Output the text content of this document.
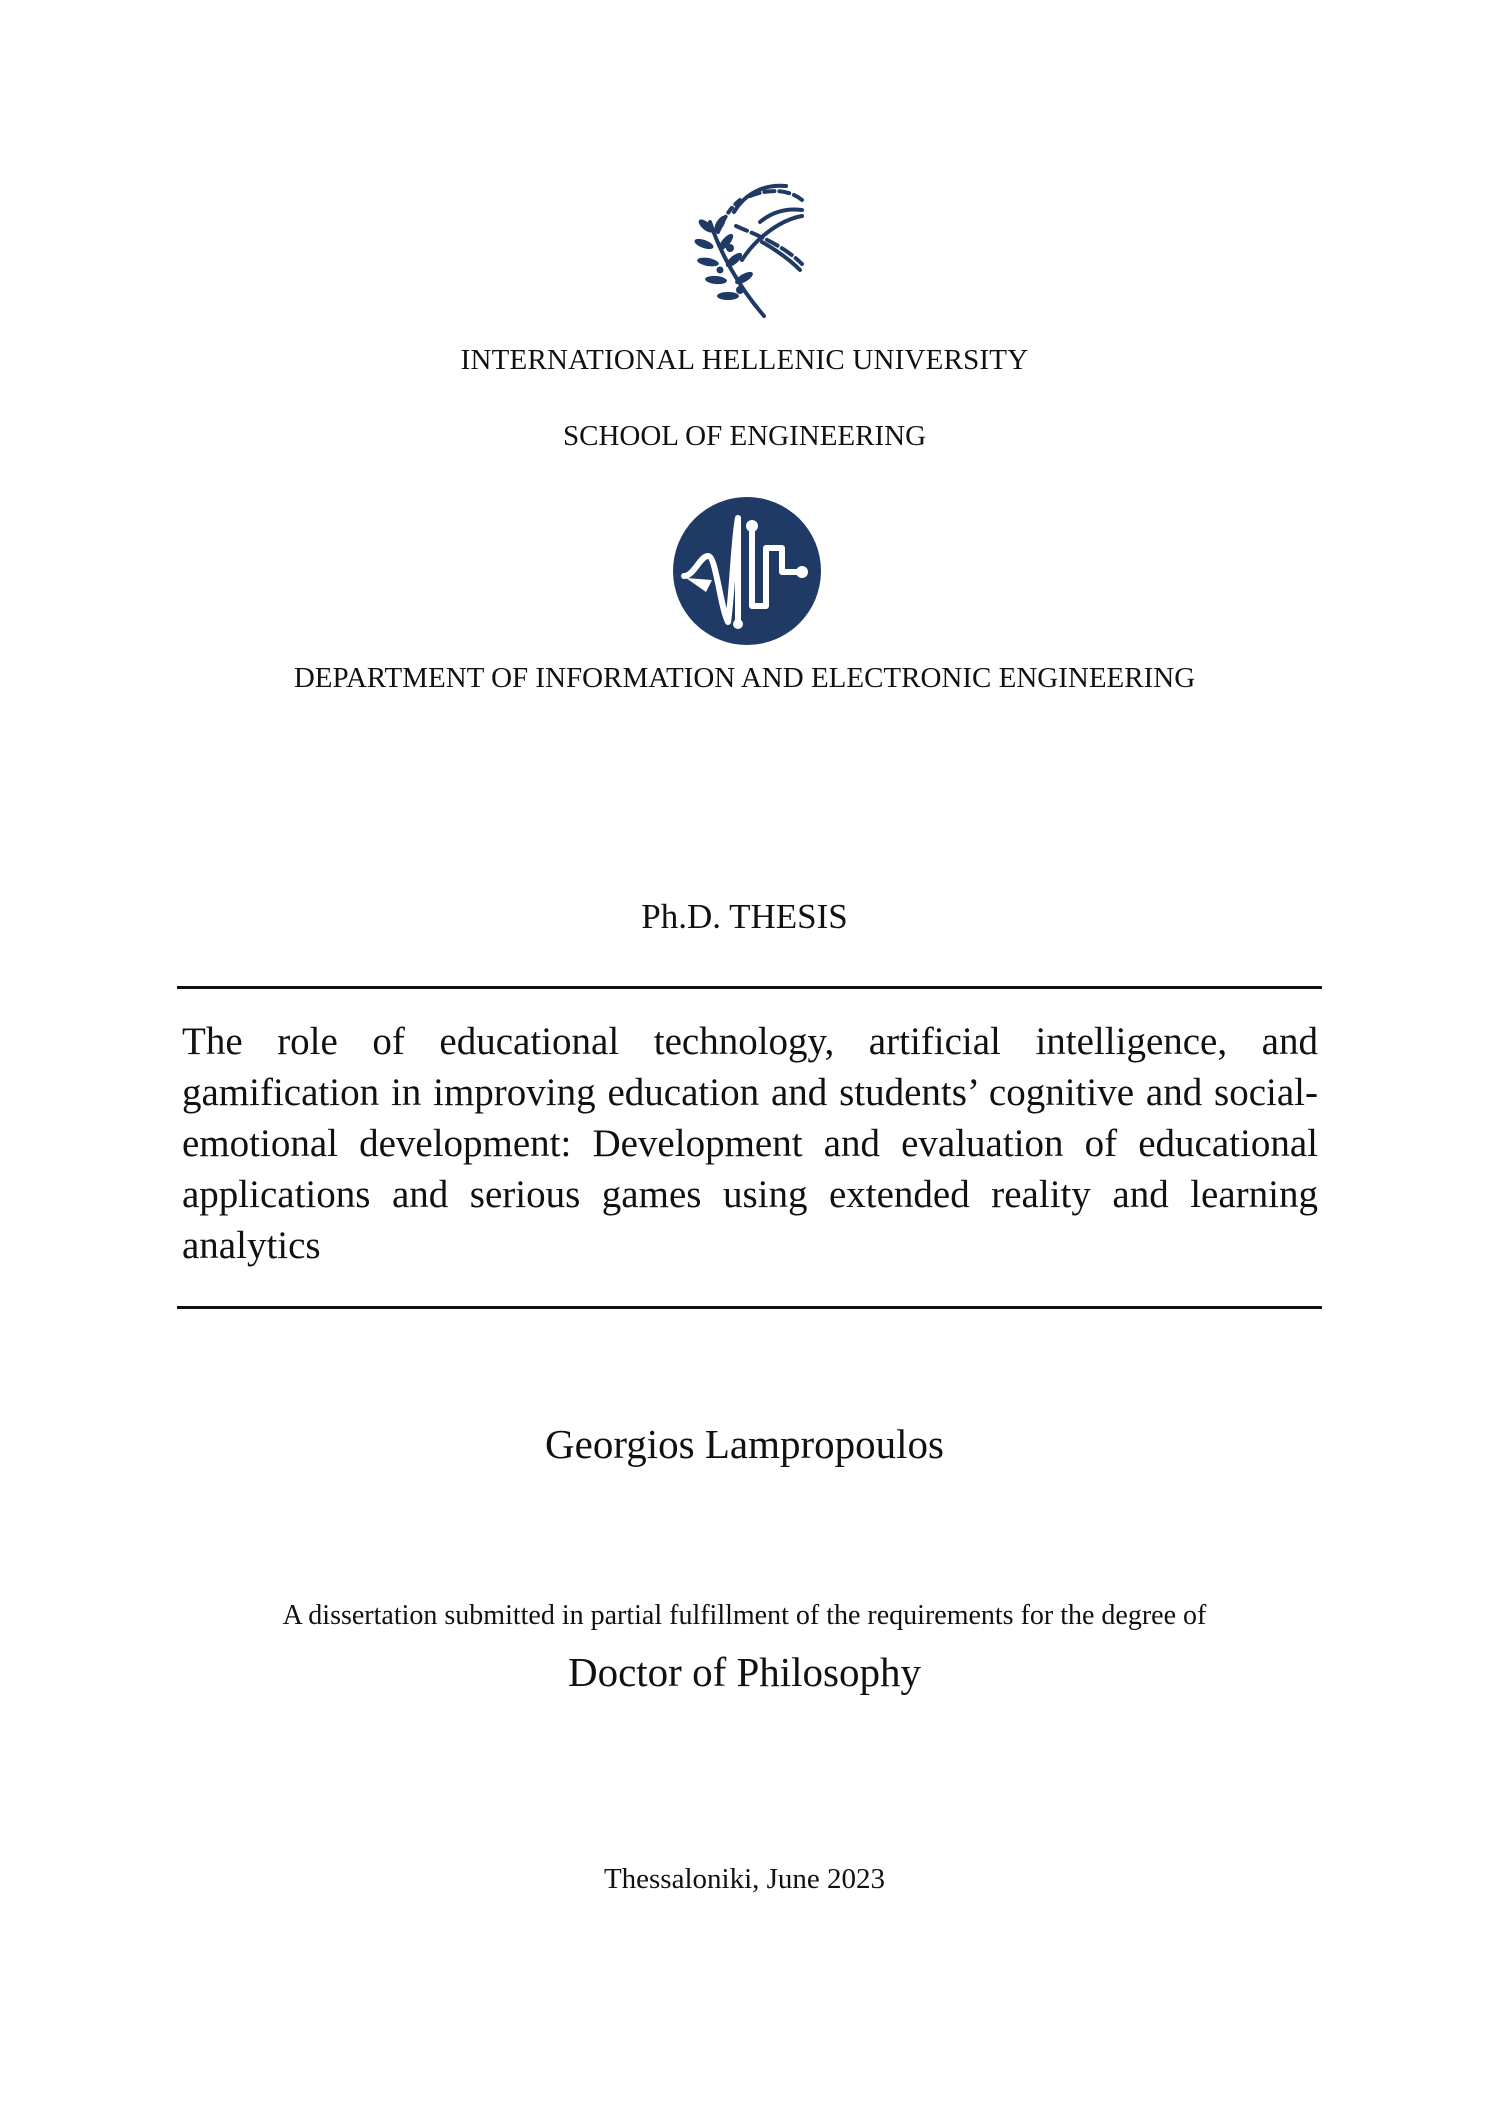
INTERNATIONAL HELLENIC UNIVERSITY
SCHOOL OF ENGINEERING
DEPARTMENT OF INFORMATION AND ELECTRONIC ENGINEERING
Ph.D. THESIS
The role of educational technology, artificial intelligence, and gamification in improving education and students’ cognitive and social-emotional development: Development and evaluation of educational applications and serious games using extended reality and learning analytics
Georgios Lampropoulos
A dissertation submitted in partial fulfillment of the requirements for the degree of
Doctor of Philosophy
Thessaloniki, June 2023
